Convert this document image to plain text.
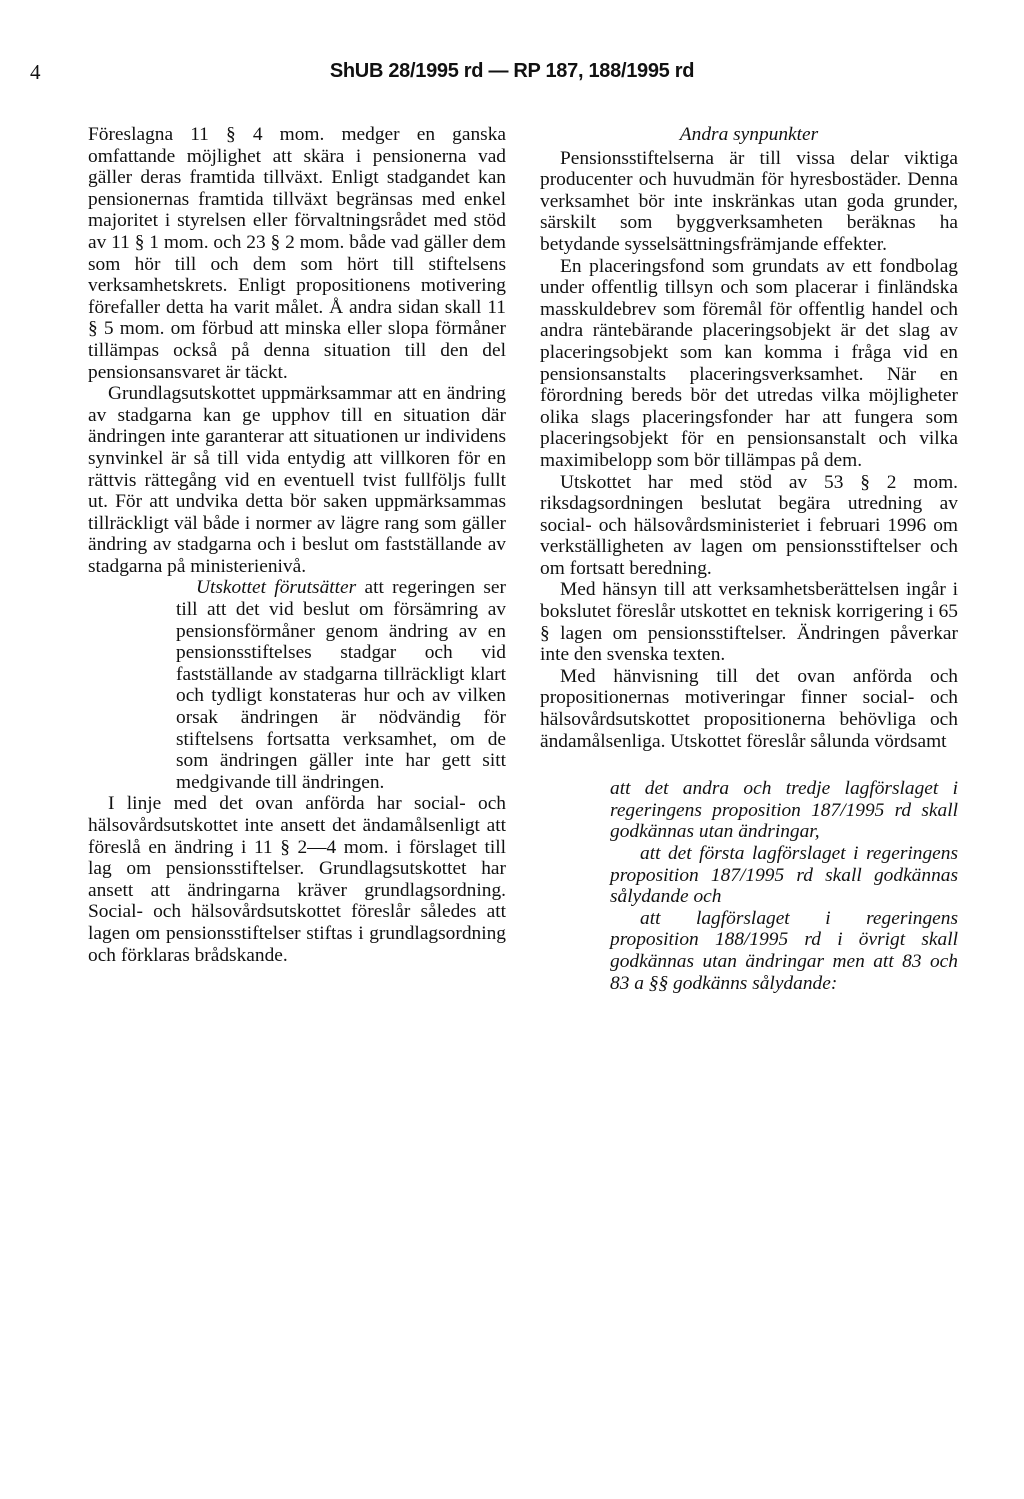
4	ShUB 28/1995 rd — RP 187, 188/1995 rd

Föreslagna 11 § 4 mom. medger en ganska omfattande möjlighet att skära i pensionerna vad gäller deras framtida tillväxt. Enligt stadgandet kan pensionernas framtida tillväxt begränsas med enkel majoritet i styrelsen eller förvaltningsrådet med stöd av 11 § 1 mom. och 23 § 2 mom. både vad gäller dem som hör till och dem som hört till stiftelsens verksamhetskrets. Enligt propositionens motivering förefaller detta ha varit målet. Å andra sidan skall 11 § 5 mom. om förbud att minska eller slopa förmåner tillämpas också på denna situation till den del pensionsansvaret är täckt.

Grundlagsutskottet uppmärksammar att en ändring av stadgarna kan ge upphov till en situation där ändringen inte garanterar att situationen ur individens synvinkel är så till vida entydig att villkoren för en rättvis rättegång vid en eventuell tvist fullföljs fullt ut. För att undvika detta bör saken uppmärksammas tillräckligt väl både i normer av lägre rang som gäller ändring av stadgarna och i beslut om fastställande av stadgarna på ministerienivå.

Utskottet förutsätter att regeringen ser till att det vid beslut om försämring av pensionsförmåner genom ändring av en pensionsstiftelses stadgar och vid fastställande av stadgarna tillräckligt klart och tydligt konstateras hur och av vilken orsak ändringen är nödvändig för stiftelsens fortsatta verksamhet, om de som ändringen gäller inte har gett sitt medgivande till ändringen.

I linje med det ovan anförda har social- och hälsovårdsutskottet inte ansett det ändamålsenligt att föreslå en ändring i 11 § 2—4 mom. i förslaget till lag om pensionsstiftelser. Grundlagsutskottet har ansett att ändringarna kräver grundlagsordning. Social- och hälsovårdsutskottet föreslår således att lagen om pensionsstiftelser stiftas i grundlagsordning och förklaras brådskande.

Andra synpunkter

Pensionsstiftelserna är till vissa delar viktiga producenter och huvudmän för hyresbostäder. Denna verksamhet bör inte inskränkas utan goda grunder, särskilt som byggverksamheten beräknas ha betydande sysselsättningsfrämjande effekter.

En placeringsfond som grundats av ett fondbolag under offentlig tillsyn och som placerar i finländska masskuldebrev som föremål för offentlig handel och andra räntebärande placeringsobjekt är det slag av placeringsobjekt som kan komma i fråga vid en pensionsanstalts placeringsverksamhet. När en förordning bereds bör det utredas vilka möjligheter olika slags placeringsfonder har att fungera som placeringsobjekt för en pensionsanstalt och vilka maximibelopp som bör tillämpas på dem.

Utskottet har med stöd av 53 § 2 mom. riksdagsordningen beslutat begära utredning av social- och hälsovårdsministeriet i februari 1996 om verkställigheten av lagen om pensionsstiftelser och om fortsatt beredning.

Med hänsyn till att verksamhetsberättelsen ingår i bokslutet föreslår utskottet en teknisk korrigering i 65 § lagen om pensionsstiftelser. Ändringen påverkar inte den svenska texten.

Med hänvisning till det ovan anförda och propositionernas motiveringar finner social- och hälsovårdsutskottet propositionerna behövliga och ändamålsenliga. Utskottet föreslår sålunda vördsamt

att det andra och tredje lagförslaget i regeringens proposition 187/1995 rd skall godkännas utan ändringar,

att det första lagförslaget i regeringens proposition 187/1995 rd skall godkännas sålydande och

att lagförslaget i regeringens proposition 188/1995 rd i övrigt skall godkännas utan ändringar men att 83 och 83 a §§ godkänns sålydande:
